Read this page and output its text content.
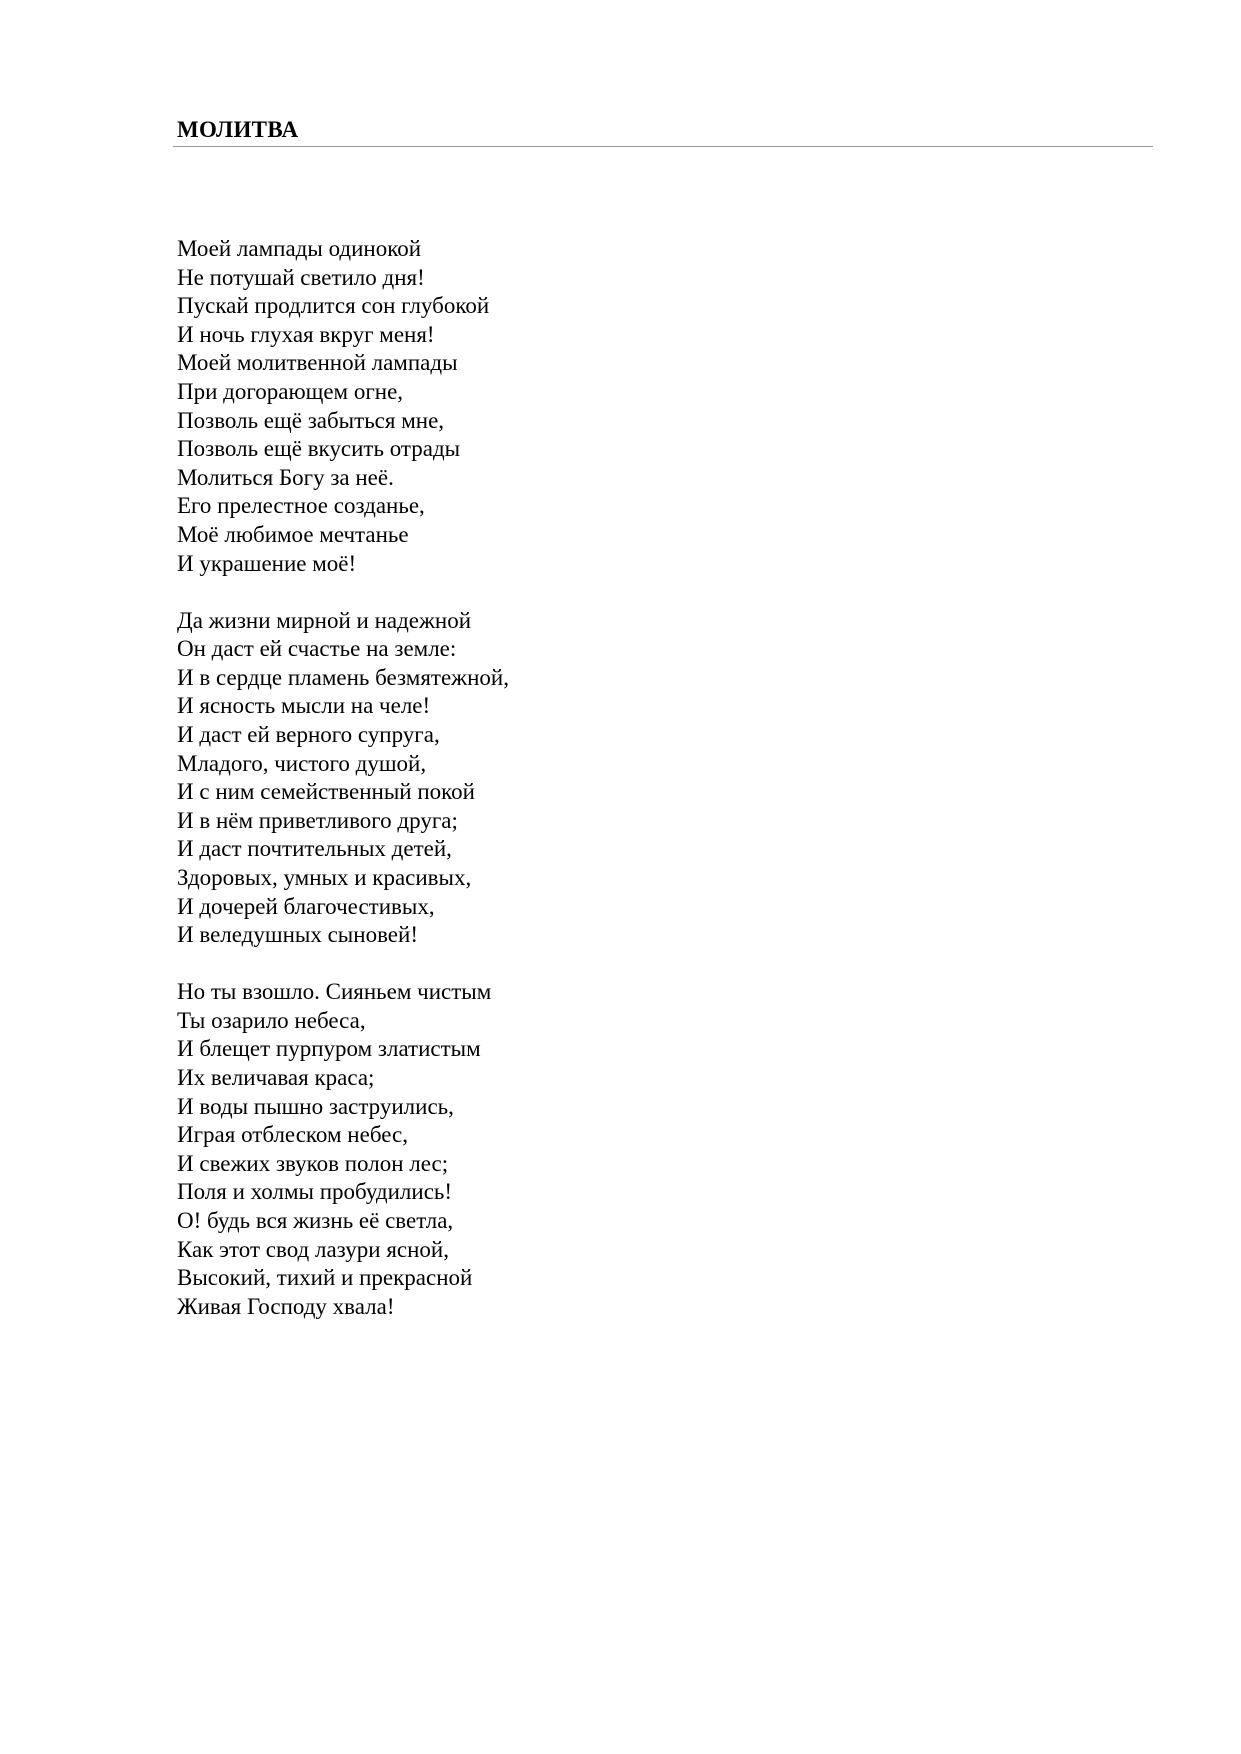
МОЛИТВА
Моей лампады одинокой
Не потушай светило дня!
Пускай продлится сон глубокой
И ночь глухая вкруг меня!
Моей молитвенной лампады
При догорающем огне,
Позволь ещё забыться мне,
Позволь ещё вкусить отрады
Молиться Богу за неё.
Его прелестное созданье,
Моё любимое мечтанье
И украшение моё!
Да жизни мирной и надежной
Он даст ей счастье на земле:
И в сердце пламень безмятежной,
И ясность мысли на челе!
И даст ей верного супруга,
Младого, чистого душой,
И с ним семейственный покой
И в нём приветливого друга;
И даст почтительных детей,
Здоровых, умных и красивых,
И дочерей благочестивых,
И веледушных сыновей!
Но ты взошло. Сияньем чистым
Ты озарило небеса,
И блещет пурпуром златистым
Их величавая краса;
И воды пышно заструились,
Играя отблеском небес,
И свежих звуков полон лес;
Поля и холмы пробудились!
О! будь вся жизнь её светла,
Как этот свод лазури ясной,
Высокий, тихий и прекрасной
Живая Господу хвала!
